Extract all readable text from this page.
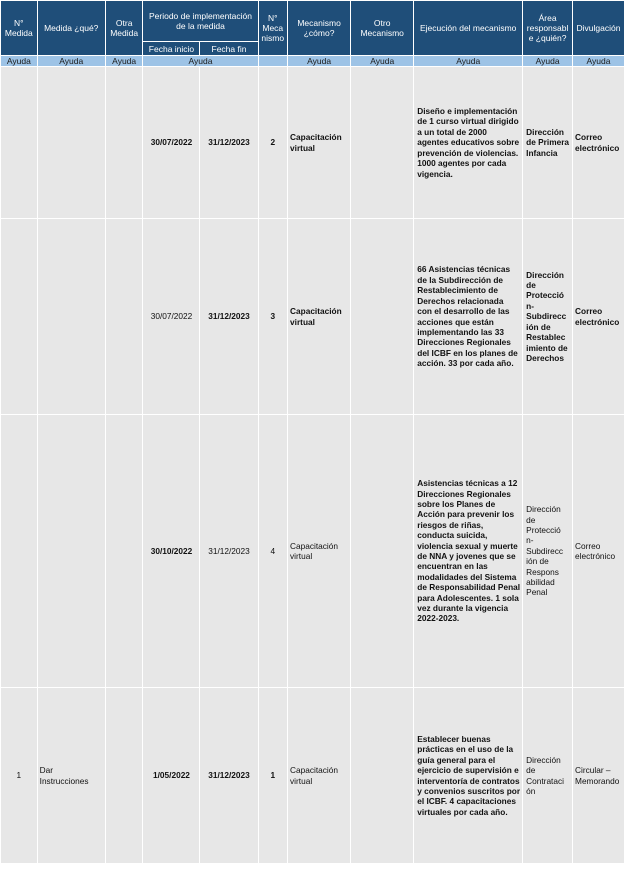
N° Medida	Medida ¿qué?	Otra Medida	Periodo de implementación de la medida		N° Meca nismo	Mecanismo ¿cómo?	Otro Mecanismo	Ejecución del mecanismo	Área responsabl e ¿quién?	Divulgación
			Fecha inicio	Fecha fin						
Ayuda	Ayuda	Ayuda	Ayuda			Ayuda	Ayuda	Ayuda	Ayuda	Ayuda
			30/07/2022	31/12/2023	2	Capacitación virtual		Diseño e implementación de 1 curso virtual dirigido a un total de 2000 agentes educativos sobre prevención de violencias. 1000 agentes por cada vigencia.	Dirección de Primera Infancia	Correo electrónico
			30/07/2022	31/12/2023	3	Capacitación virtual		66 Asistencias técnicas de la Subdirección de Restablecimiento de Derechos relacionada con el desarrollo de las acciones que están implementando las 33 Direcciones Regionales del ICBF en los planes de acción. 33 por cada año.	Dirección de Protecció n- Subdirecc ión de Restablec imiento de Derechos	Correo electrónico
			30/10/2022	31/12/2023	4	Capacitación virtual		Asistencias técnicas a 12 Direcciones Regionales sobre los Planes de Acción para prevenir los riesgos de riñas, conducta suicida, violencia sexual y muerte de NNA y jovenes que se encuentran en las modalidades del Sistema de Responsabilidad Penal para Adolescentes. 1 sola vez durante la vigencia 2022-2023.	Dirección de Protecció n- Subdirecc ión de Respons abilidad Penal	Correo electrónico
1	Dar Instrucciones		1/05/2022	31/12/2023	1	Capacitación virtual		Establecer buenas prácticas en el uso de la guía general para el ejercicio de supervisión e interventoría de contratos y convenios suscritos por el ICBF. 4 capacitaciones virtuales por cada año.	Dirección de Contrataci ón	Circular – Memorando
